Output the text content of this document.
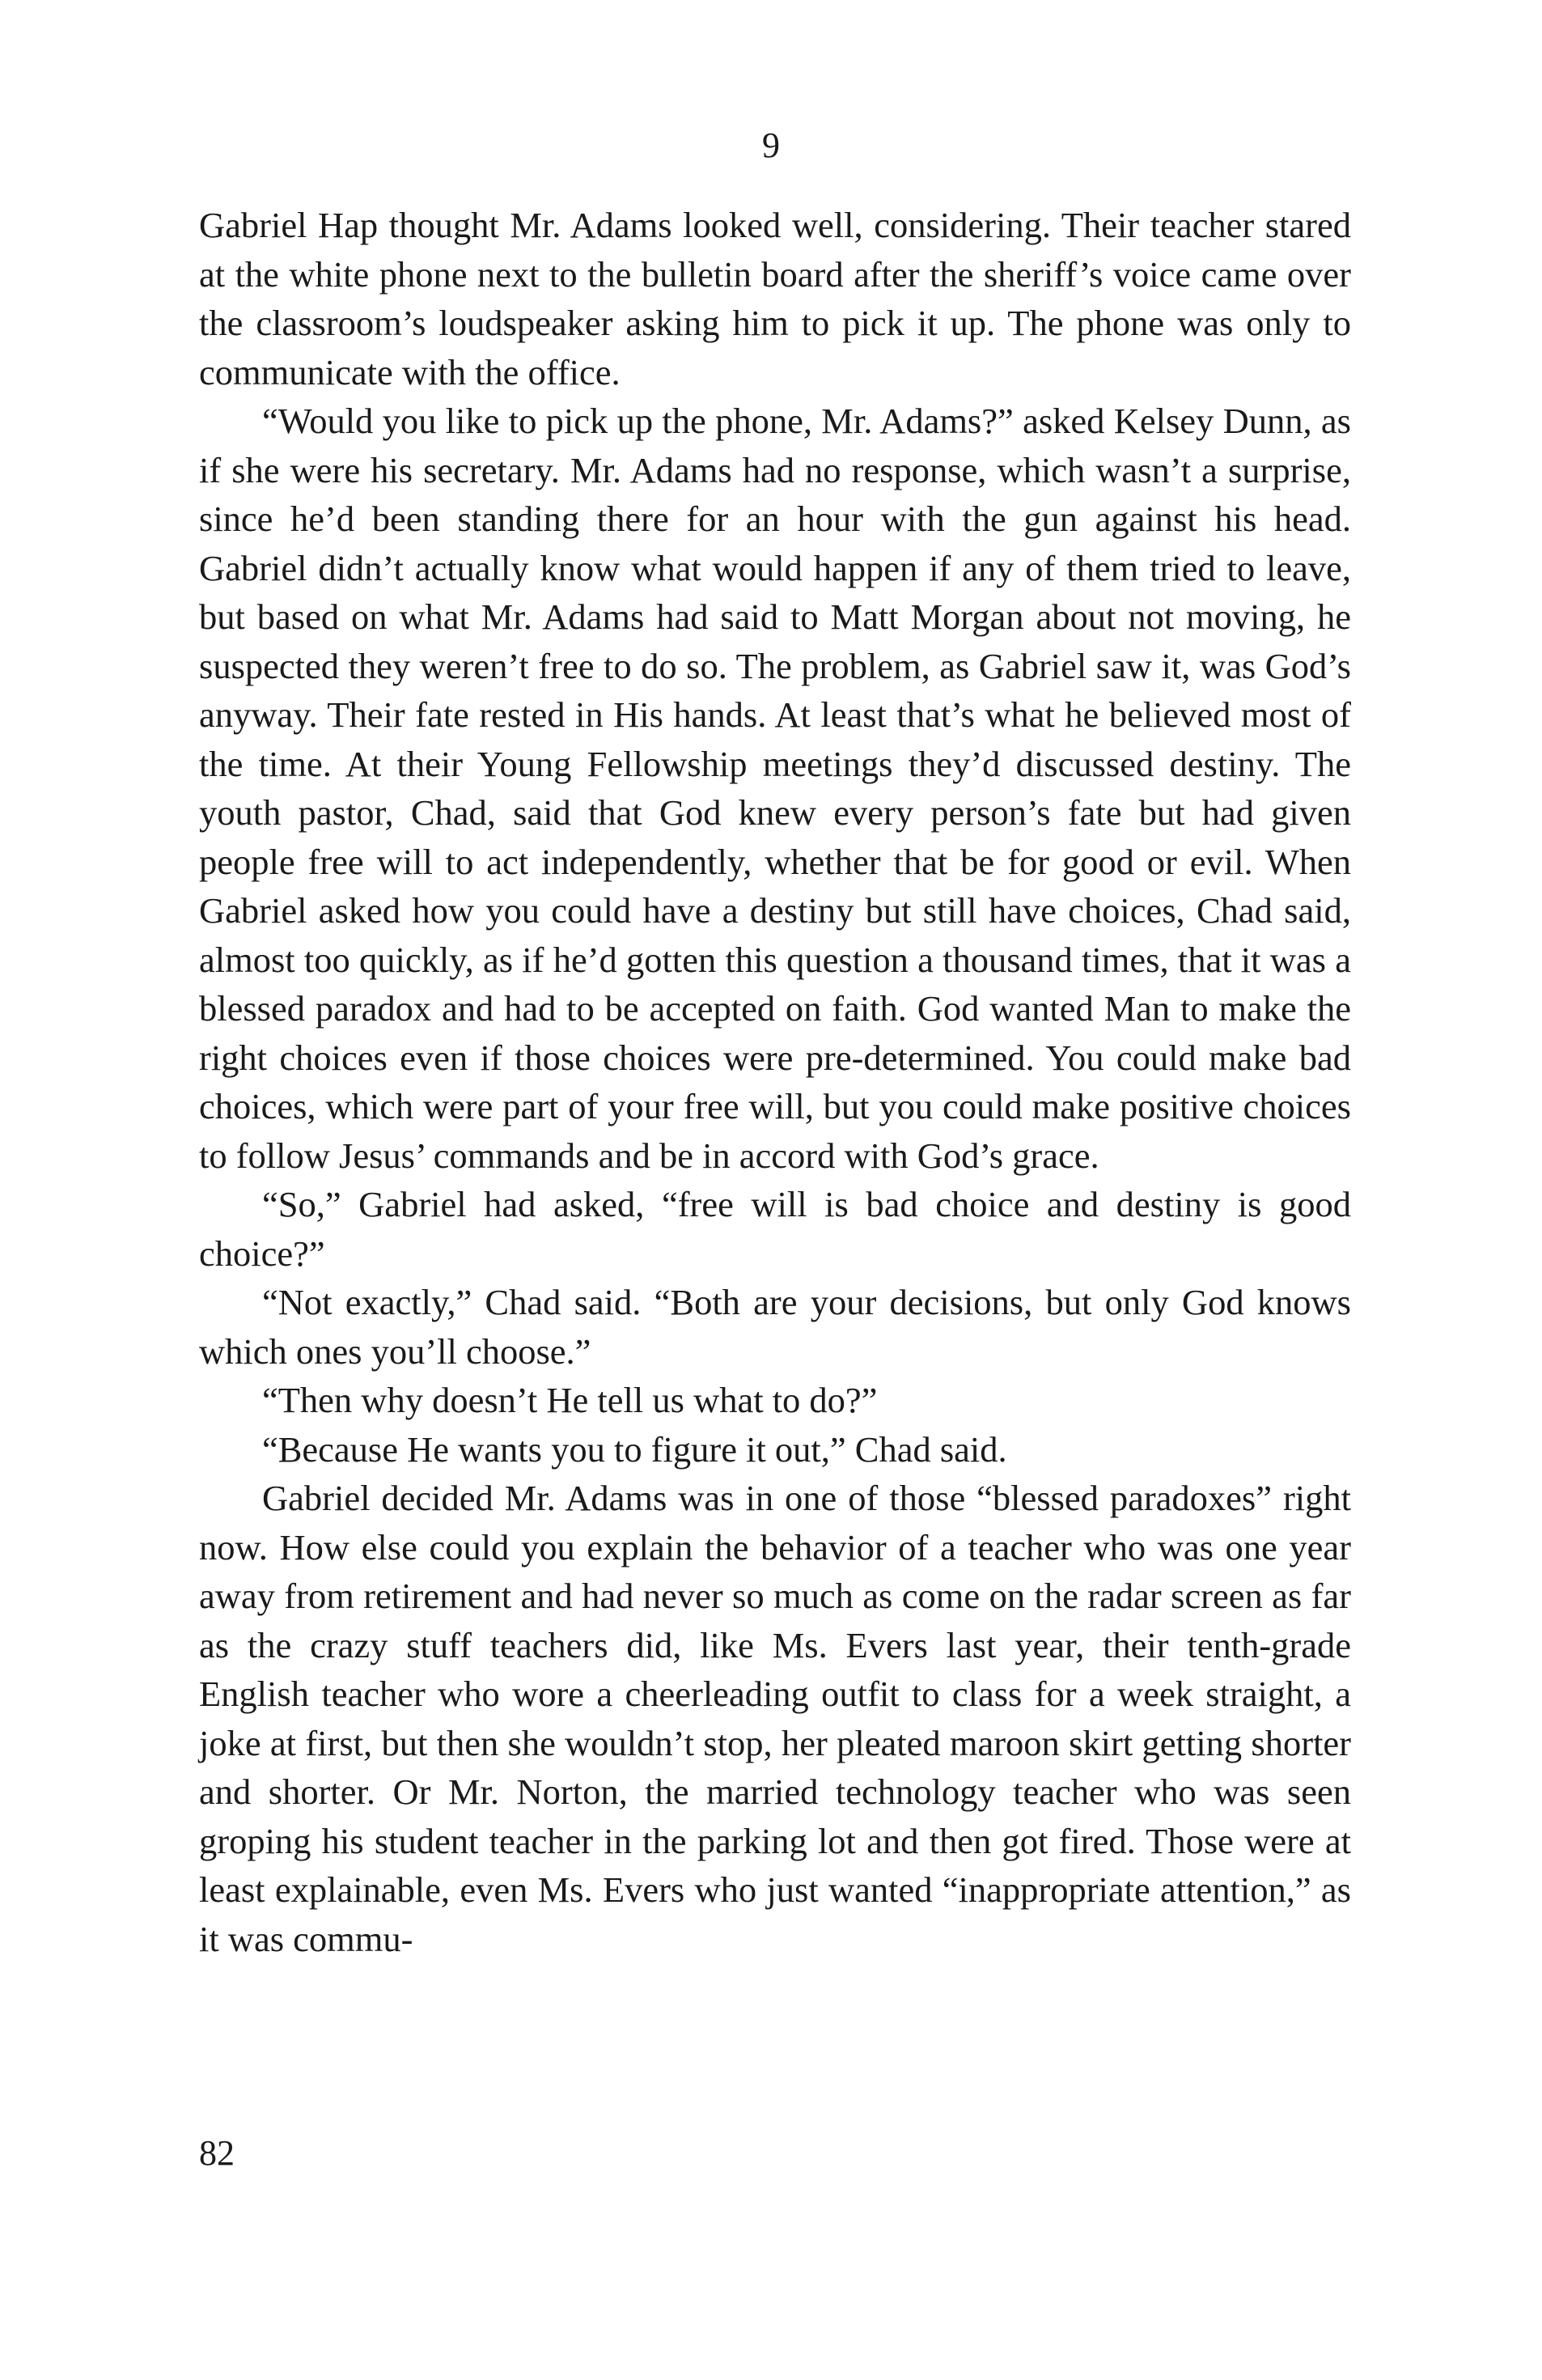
9

Gabriel Hap thought Mr. Adams looked well, considering. Their teacher stared at the white phone next to the bulletin board after the sheriff’s voice came over the classroom’s loudspeaker asking him to pick it up. The phone was only to communicate with the office.

“Would you like to pick up the phone, Mr. Adams?” asked Kelsey Dunn, as if she were his secretary. Mr. Adams had no response, which wasn’t a surprise, since he’d been standing there for an hour with the gun against his head. Gabriel didn’t actually know what would happen if any of them tried to leave, but based on what Mr. Adams had said to Matt Morgan about not moving, he suspected they weren’t free to do so. The problem, as Gabriel saw it, was God’s anyway. Their fate rested in His hands. At least that’s what he believed most of the time. At their Young Fellowship meetings they’d discussed destiny. The youth pastor, Chad, said that God knew every person’s fate but had given people free will to act independently, whether that be for good or evil. When Gabriel asked how you could have a destiny but still have choices, Chad said, almost too quickly, as if he’d gotten this question a thousand times, that it was a blessed paradox and had to be accepted on faith. God wanted Man to make the right choices even if those choices were pre-determined. You could make bad choices, which were part of your free will, but you could make positive choices to follow Jesus’ commands and be in accord with God’s grace.

“So,” Gabriel had asked, “free will is bad choice and destiny is good choice?”

“Not exactly,” Chad said. “Both are your decisions, but only God knows which ones you’ll choose.”

“Then why doesn’t He tell us what to do?”

“Because He wants you to figure it out,” Chad said.

Gabriel decided Mr. Adams was in one of those “blessed paradoxes” right now. How else could you explain the behavior of a teacher who was one year away from retirement and had never so much as come on the radar screen as far as the crazy stuff teachers did, like Ms. Evers last year, their tenth-grade English teacher who wore a cheerleading outfit to class for a week straight, a joke at first, but then she wouldn’t stop, her pleated maroon skirt getting shorter and shorter. Or Mr. Norton, the married technology teacher who was seen groping his student teacher in the parking lot and then got fired. Those were at least explainable, even Ms. Evers who just wanted “inappropriate attention,” as it was commu-

82
